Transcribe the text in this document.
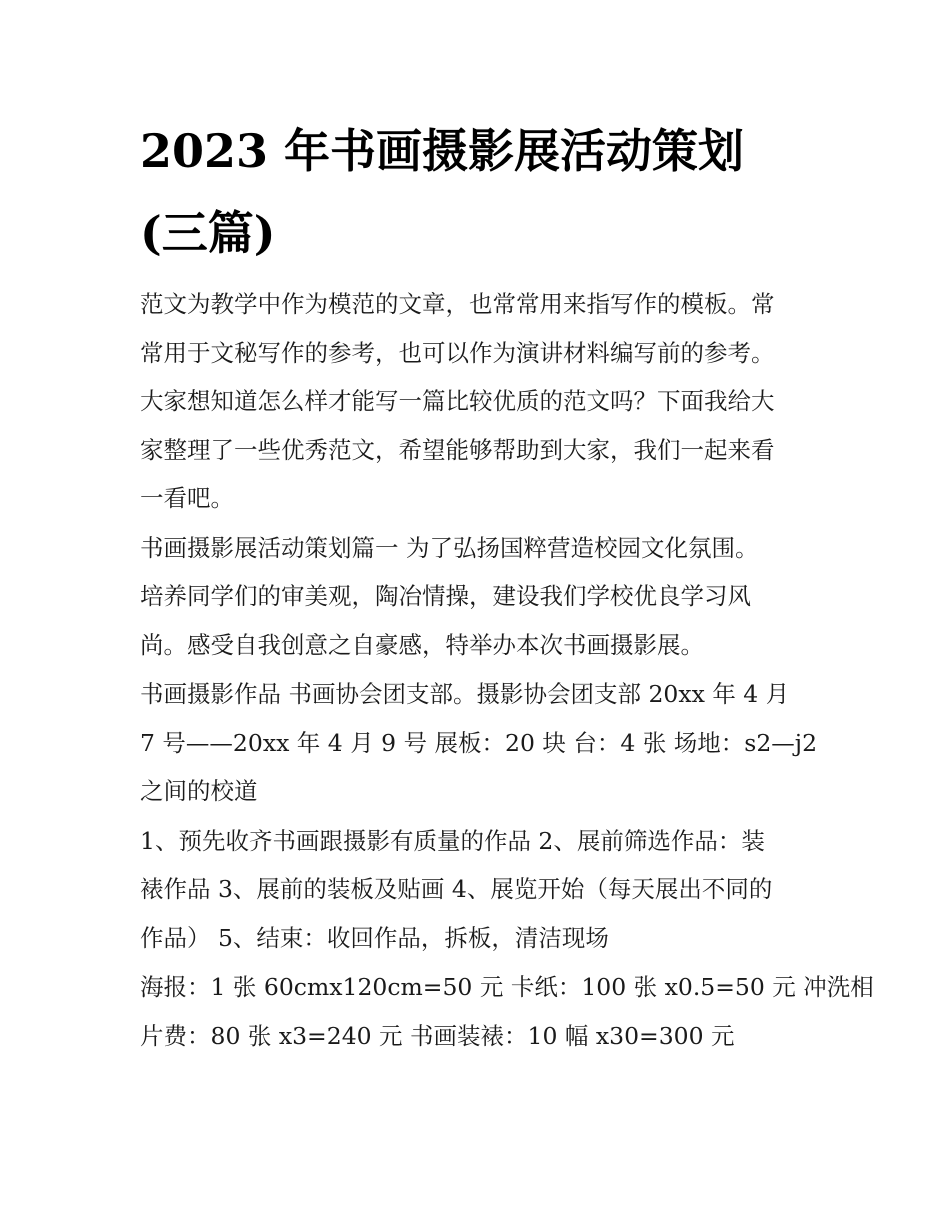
2023 年书画摄影展活动策划
(三篇)

范文为教学中作为模范的文章，也常常用来指写作的模板。常
常用于文秘写作的参考，也可以作为演讲材料编写前的参考。
大家想知道怎么样才能写一篇比较优质的范文吗？下面我给大
家整理了一些优秀范文，希望能够帮助到大家，我们一起来看
一看吧。

书画摄影展活动策划篇一 为了弘扬国粹营造校园文化氛围。
培养同学们的审美观，陶冶情操，建设我们学校优良学习风
尚。感受自我创意之自豪感，特举办本次书画摄影展。

书画摄影作品 书画协会团支部。摄影协会团支部 20xx 年 4 月
7 号——20xx 年 4 月 9 号 展板：20 块 台：4 张 场地：s2—j2
之间的校道

1、预先收齐书画跟摄影有质量的作品 2、展前筛选作品：装
裱作品 3、展前的装板及贴画 4、展览开始（每天展出不同的
作品） 5、结束：收回作品，拆板，清洁现场

海报：1 张 60cmx120cm=50 元 卡纸：100 张 x0.5=50 元 冲洗相
片费：80 张 x3=240 元 书画装裱：10 幅 x30=300 元
